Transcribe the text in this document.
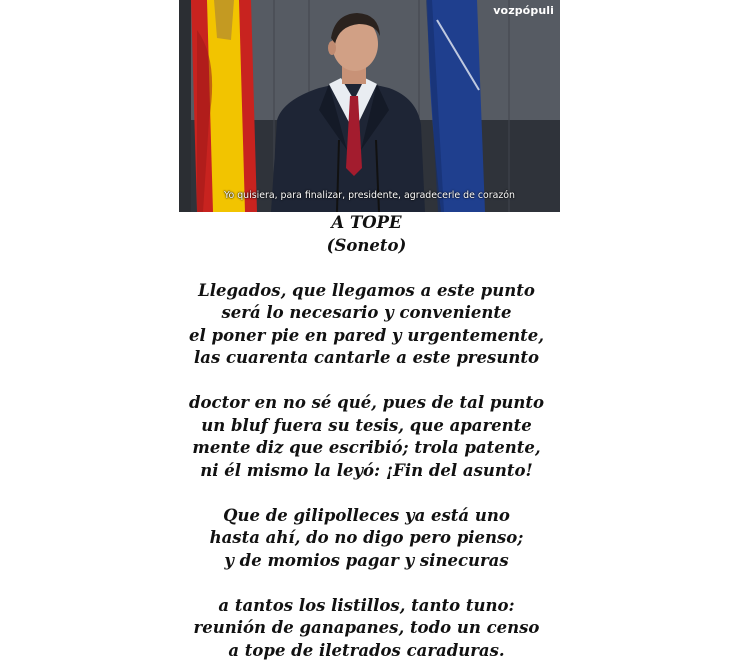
vozpópuli
Yo quisiera, para finalizar, presidente, agradecerle de corazón
A TOPE
(Soneto)
Llegados, que llegamos a este punto
será lo necesario y conveniente
el poner pie en pared y urgentemente,
las cuarenta cantarle a este presunto
doctor en no sé qué, pues de tal punto
un bluf fuera su tesis, que aparente
mente diz que escribió; trola patente,
ni él mismo la leyó: ¡Fin del asunto!
Que de gilipolleces ya está uno
hasta ahí, do no digo pero pienso;
y de momios pagar y sinecuras
a tantos los listillos, tanto tuno:
reunión de ganapanes, todo un censo
a tope de iletrados caraduras.
